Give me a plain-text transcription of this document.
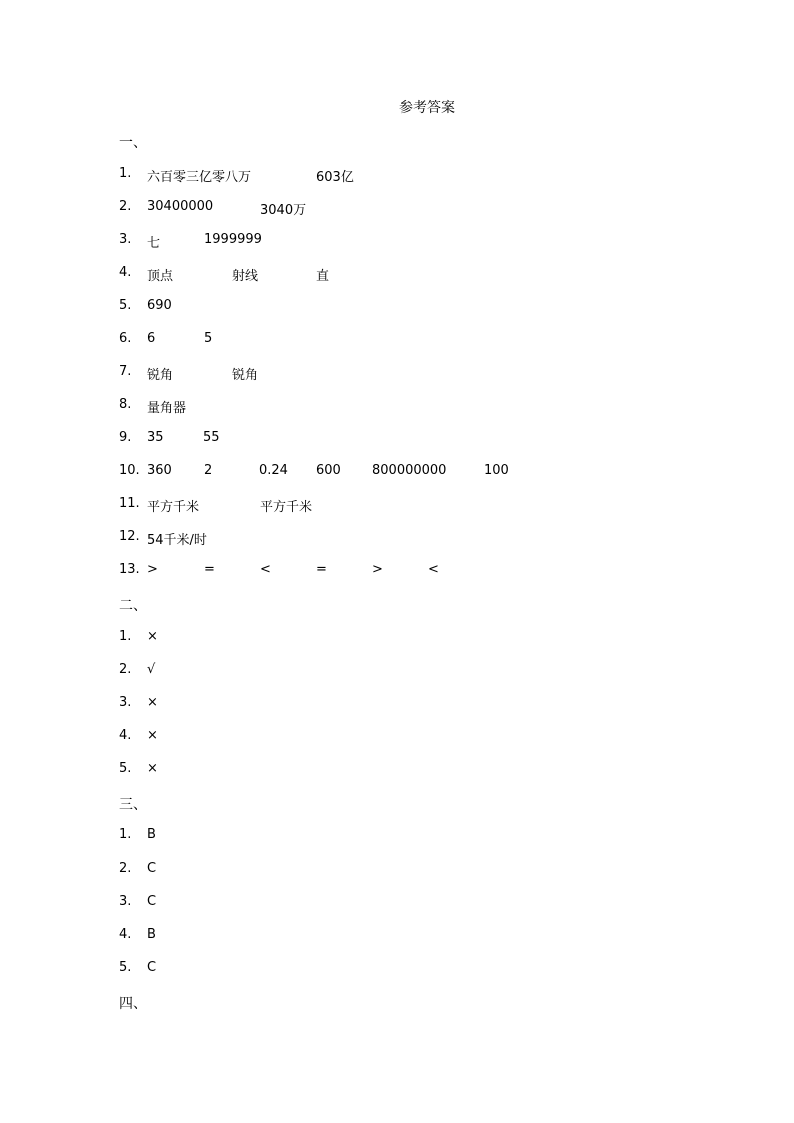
参考答案
一、
1. 六百零三亿零八万	603亿
2. 30400000	3040万
3. 七	1999999
4. 顶点	射线	直
5. 690
6. 6	5
7. 锐角	锐角
8. 量角器
9. 35	55
10. 360 2	0.24 600 800000000	100
11. 平方千米	平方千米
12. 54千米/时
13. >	=	<	=	>	<
二、
1. ×
2. √
3. ×
4. ×
5. ×
三、
1. B
2. C
3. C
4. B
5. C
四、
